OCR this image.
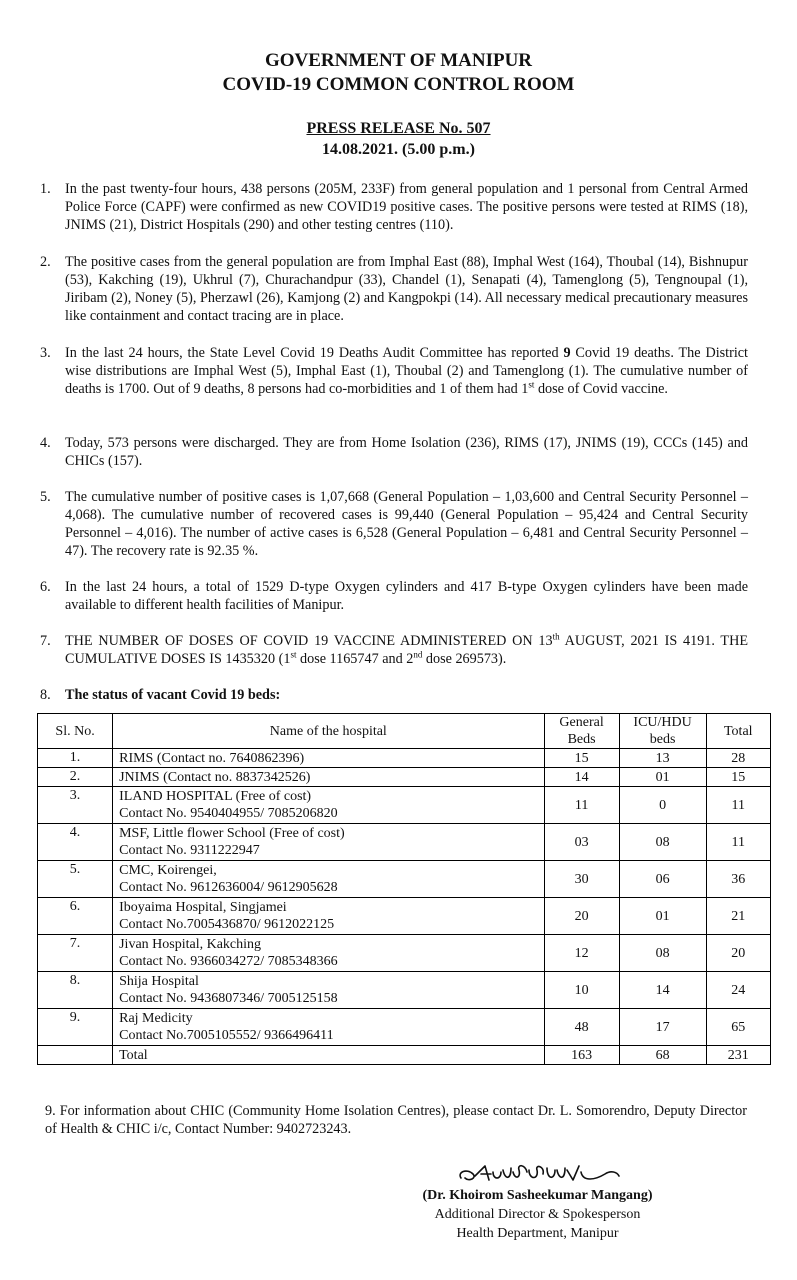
GOVERNMENT OF MANIPUR
COVID-19 COMMON CONTROL ROOM
PRESS RELEASE No. 507
14.08.2021. (5.00 p.m.)
1.	In the past twenty-four hours, 438 persons (205M, 233F) from general population and 1 personal from Central Armed Police Force (CAPF) were confirmed as new COVID19 positive cases. The positive persons were tested at RIMS (18), JNIMS (21), District Hospitals (290) and other testing centres (110).
2.	The positive cases from the general population are from Imphal East (88), Imphal West (164), Thoubal (14), Bishnupur (53), Kakching (19), Ukhrul (7), Churachandpur (33), Chandel (1), Senapati (4), Tamenglong (5), Tengnoupal (1), Jiribam (2), Noney (5), Pherzawl (26), Kamjong (2) and Kangpokpi (14). All necessary medical precautionary measures like containment and contact tracing are in place.
3.	In the last 24 hours, the State Level Covid 19 Deaths Audit Committee has reported 9 Covid 19 deaths. The District wise distributions are Imphal West (5), Imphal East (1), Thoubal (2) and Tamenglong (1). The cumulative number of deaths is 1700. Out of 9 deaths, 8 persons had co-morbidities and 1 of them had 1st dose of Covid vaccine.
4.	Today, 573 persons were discharged. They are from Home Isolation (236), RIMS (17), JNIMS (19), CCCs (145) and CHICs (157).
5.	The cumulative number of positive cases is 1,07,668 (General Population – 1,03,600 and Central Security Personnel – 4,068). The cumulative number of recovered cases is 99,440 (General Population – 95,424 and Central Security Personnel – 4,016). The number of active cases is 6,528 (General Population – 6,481 and Central Security Personnel – 47). The recovery rate is 92.35 %.
6.	In the last 24 hours, a total of 1529 D-type Oxygen cylinders and 417 B-type Oxygen cylinders have been made available to different health facilities of Manipur.
7.	THE NUMBER OF DOSES OF COVID 19 VACCINE ADMINISTERED ON 13th AUGUST, 2021 IS 4191. THE CUMULATIVE DOSES IS 1435320 (1st dose 1165747 and 2nd dose 269573).
8.	The status of vacant Covid 19 beds:
Sl. No.	Name of the hospital	General Beds	ICU/HDU beds	Total
1.	RIMS (Contact no. 7640862396)	15	13	28
2.	JNIMS (Contact no. 8837342526)	14	01	15
3.	ILAND HOSPITAL (Free of cost)
Contact No. 9540404955/ 7085206820	11	0	11
4.	MSF, Little flower School (Free of cost)
Contact No. 9311222947	03	08	11
5.	CMC, Koirengei,
Contact No. 9612636004/ 9612905628	30	06	36
6.	Iboyaima Hospital, Singjamei
Contact No.7005436870/ 9612022125	20	01	21
7.	Jivan Hospital, Kakching
Contact No. 9366034272/ 7085348366	12	08	20
8.	Shija Hospital
Contact No. 9436807346/ 7005125158	10	14	24
9.	Raj Medicity
Contact No.7005105552/ 9366496411	48	17	65
	Total	163	68	231
9. For information about CHIC (Community Home Isolation Centres), please contact Dr. L. Somorendro, Deputy Director of Health & CHIC i/c, Contact Number: 9402723243.
(Dr. Khoirom Sasheekumar Mangang)
Additional Director & Spokesperson
Health Department, Manipur
